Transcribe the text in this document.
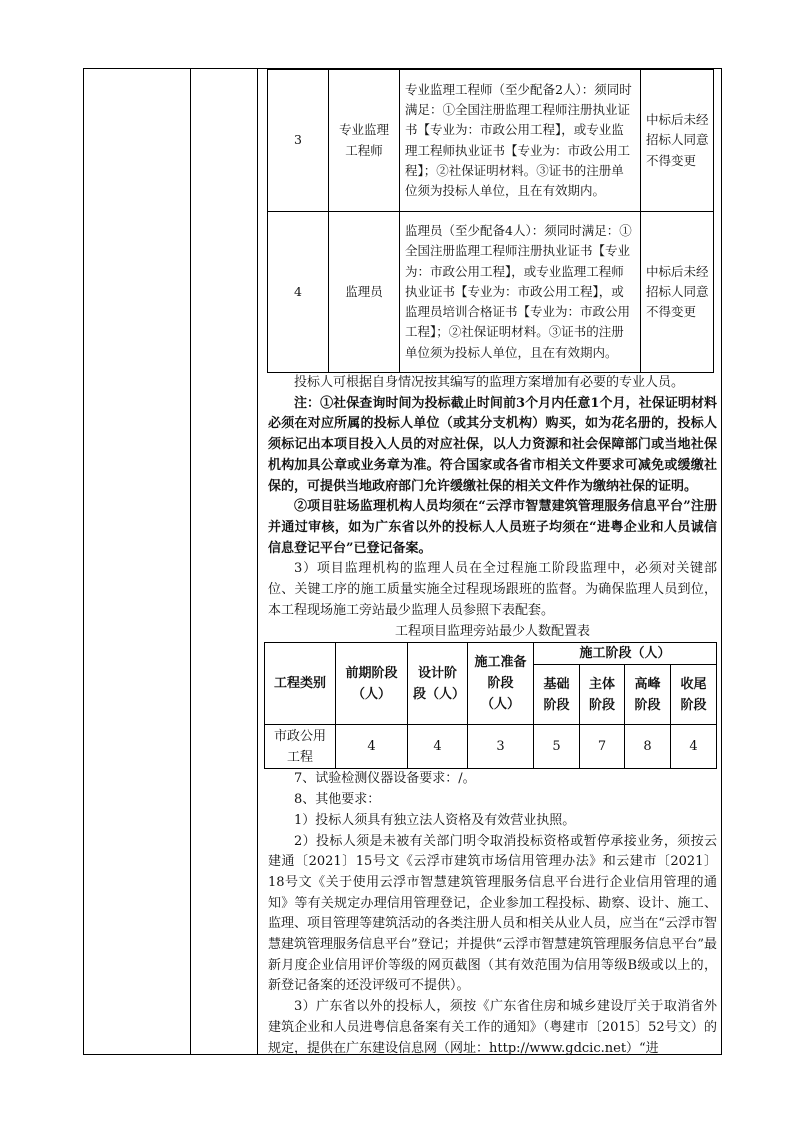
3	专业监理工程师	专业监理工程师（至少配备2人）：须同时满足：①全国注册监理工程师注册执业证书【专业为：市政公用工程】，或专业监理工程师执业证书【专业为：市政公用工程】；②社保证明材料。③证书的注册单位须为投标人单位，且在有效期内。	中标后未经招标人同意不得变更
4	监理员	监理员（至少配备4人）：须同时满足：①全国注册监理工程师注册执业证书【专业为：市政公用工程】，或专业监理工程师执业证书【专业为：市政公用工程】，或监理员培训合格证书【专业为：市政公用工程】；②社保证明材料。③证书的注册单位须为投标人单位，且在有效期内。	中标后未经招标人同意不得变更

投标人可根据自身情况按其编写的监理方案增加有必要的专业人员。

注：①社保查询时间为投标截止时间前3个月内任意1个月，社保证明材料必须在对应所属的投标人单位（或其分支机构）购买，如为花名册的，投标人须标记出本项目投入人员的对应社保，以人力资源和社会保障部门或当地社保机构加具公章或业务章为准。符合国家或各省市相关文件要求可减免或缓缴社保的，可提供当地政府部门允许缓缴社保的相关文件作为缴纳社保的证明。

②项目驻场监理机构人员均须在“云浮市智慧建筑管理服务信息平台”注册并通过审核，如为广东省以外的投标人人员班子均须在“进粤企业和人员诚信信息登记平台”已登记备案。

3）项目监理机构的监理人员在全过程施工阶段监理中，必须对关键部位、关键工序的施工质量实施全过程现场跟班的监督。为确保监理人员到位，本工程现场施工旁站最少监理人员参照下表配套。

工程项目监理旁站最少人数配置表

工程类别	前期阶段（人）	设计阶段（人）	施工准备阶段（人）	施工阶段（人）			
				基础阶段	主体阶段	高峰阶段	收尾阶段
市政公用工程	4	4	3	5	7	8	4

7、试验检测仪器设备要求：/。

8、其他要求：

1）投标人须具有独立法人资格及有效营业执照。

2）投标人须是未被有关部门明令取消投标资格或暂停承接业务，须按云建通〔2021〕15号文《云浮市建筑市场信用管理办法》和云建市〔2021〕18号文《关于使用云浮市智慧建筑管理服务信息平台进行企业信用管理的通知》等有关规定办理信用管理登记，企业参加工程投标、勘察、设计、施工、监理、项目管理等建筑活动的各类注册人员和相关从业人员，应当在“云浮市智慧建筑管理服务信息平台”登记；并提供“云浮市智慧建筑管理服务信息平台”最新月度企业信用评价等级的网页截图（其有效范围为信用等级B级或以上的，新登记备案的还没评级可不提供）。

3）广东省以外的投标人，须按《广东省住房和城乡建设厅关于取消省外建筑企业和人员进粤信息备案有关工作的通知》（粤建市〔2015〕52号文）的规定，提供在广东建设信息网（网址：http://www.gdcic.net）“进
